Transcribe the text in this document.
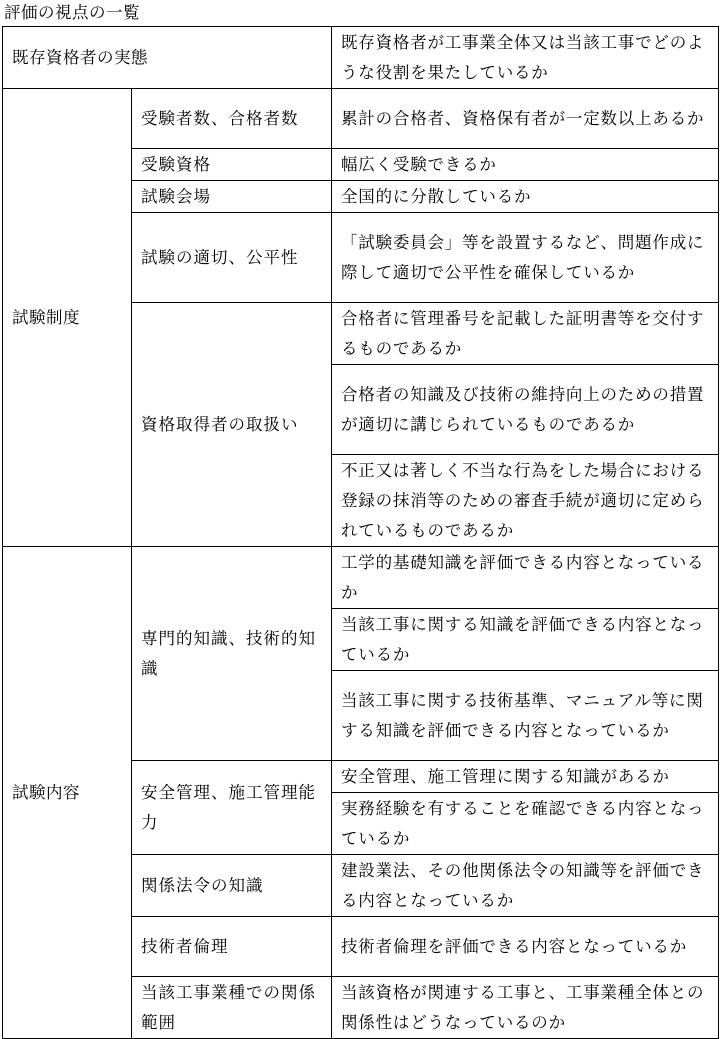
評価の視点の一覧
既存資格者の実態		既存資格者が工事業全体又は当該工事でどのような役割を果たしているか
試験制度	受験者数、合格者数	累計の合格者、資格保有者が一定数以上あるか
	受験資格	幅広く受験できるか
	試験会場	全国的に分散しているか
	試験の適切、公平性	「試験委員会」等を設置するなど、問題作成に際して適切で公平性を確保しているか
	資格取得者の取扱い	合格者に管理番号を記載した証明書等を交付するものであるか
		合格者の知識及び技術の維持向上のための措置が適切に講じられているものであるか
		不正又は著しく不当な行為をした場合における登録の抹消等のための審査手続が適切に定められているものであるか
試験内容	専門的知識、技術的知識	工学的基礎知識を評価できる内容となっているか
		当該工事に関する知識を評価できる内容となっているか
		当該工事に関する技術基準、マニュアル等に関する知識を評価できる内容となっているか
	安全管理、施工管理能力	安全管理、施工管理に関する知識があるか
		実務経験を有することを確認できる内容となっているか
	関係法令の知識	建設業法、その他関係法令の知識等を評価できる内容となっているか
	技術者倫理	技術者倫理を評価できる内容となっているか
	当該工事業種での関係範囲	当該資格が関連する工事と、工事業種全体との関係性はどうなっているのか
